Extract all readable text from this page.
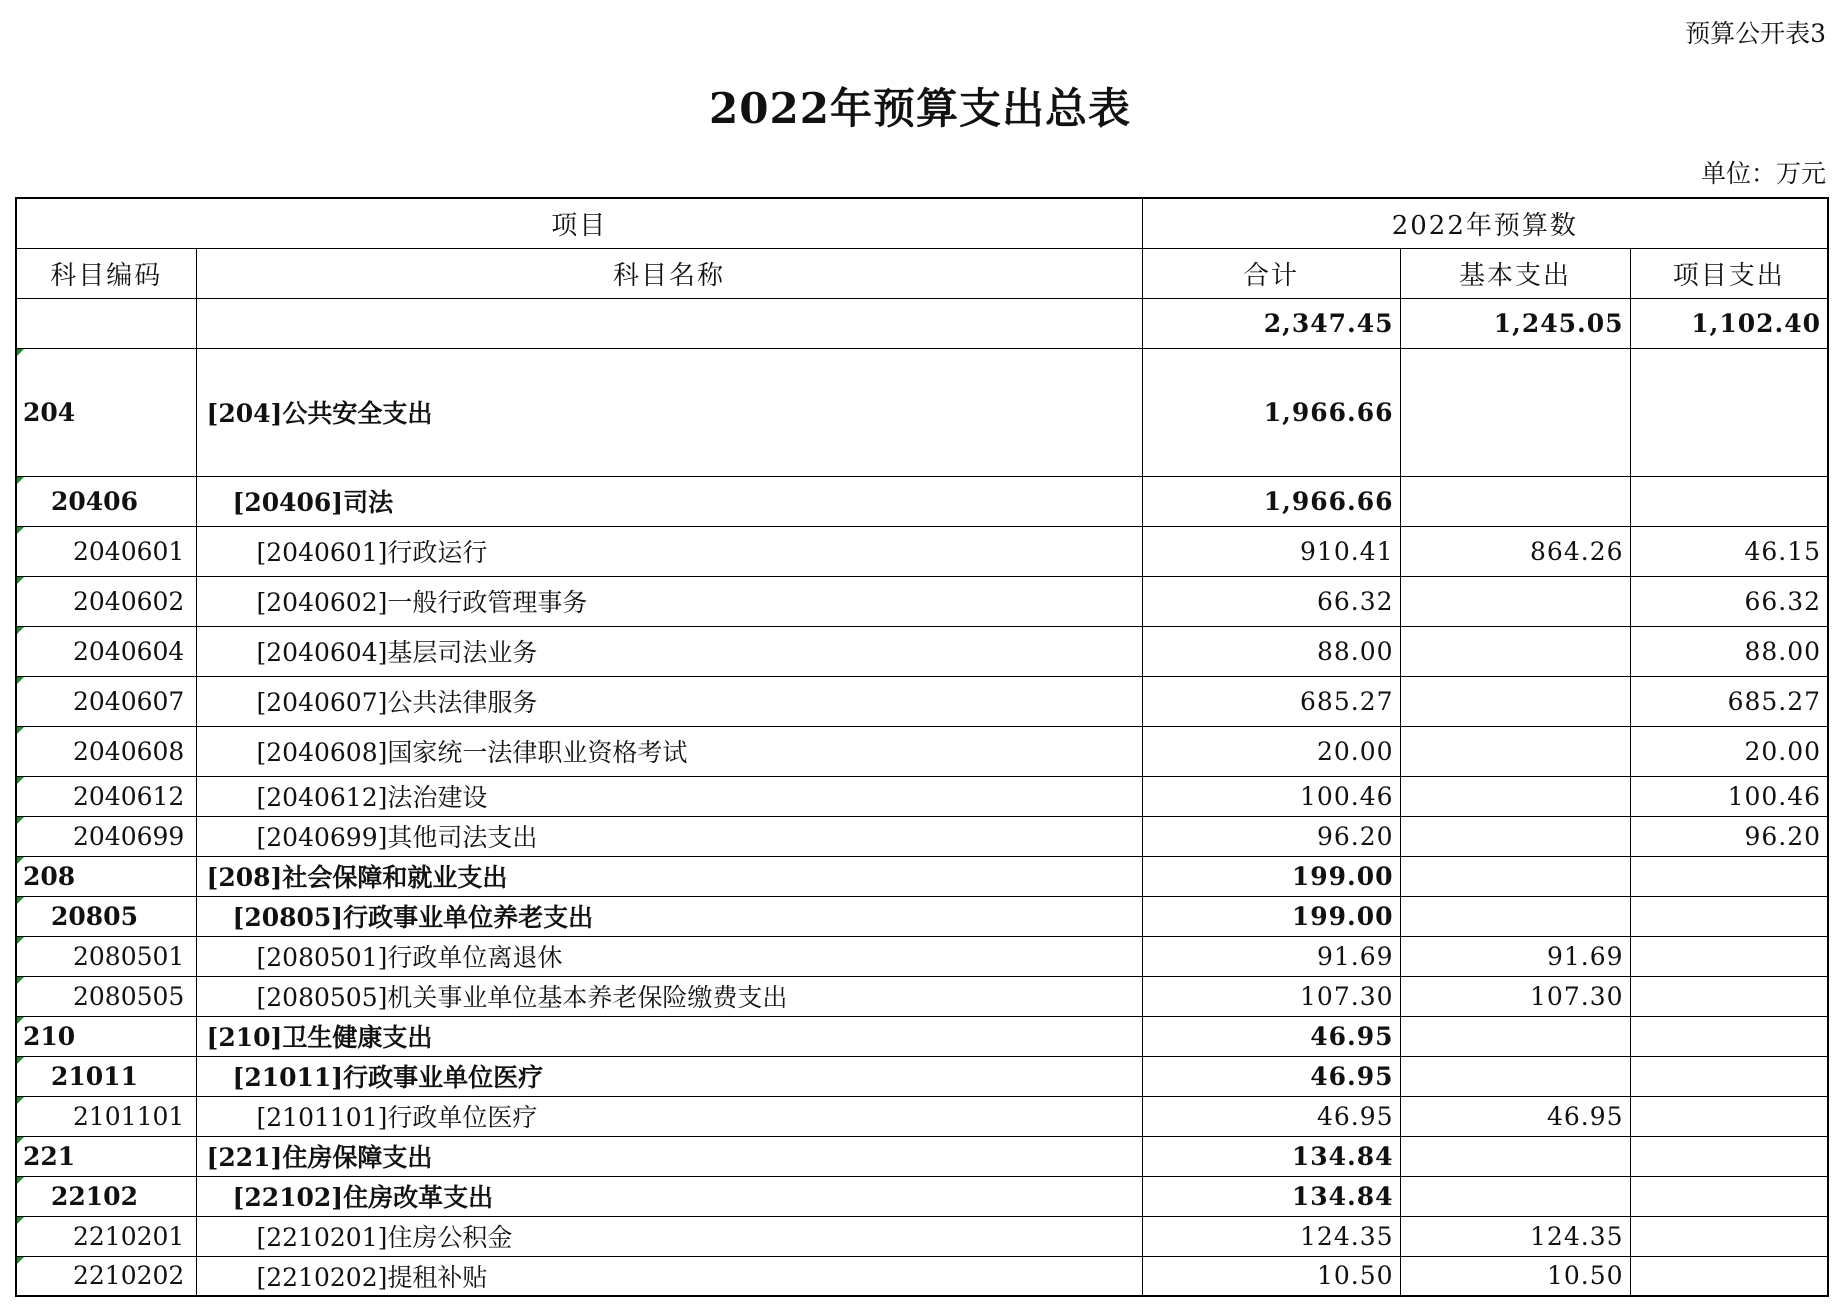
预算公开表3
2022年预算支出总表
单位：万元
项目		2022年预算数		
科目编码	科目名称	合计	基本支出	项目支出
		2,347.45	1,245.05	1,102.40
204	[204]公共安全支出	1,966.66		
20406	[20406]司法	1,966.66		
2040601	[2040601]行政运行	910.41	864.26	46.15
2040602	[2040602]一般行政管理事务	66.32		66.32
2040604	[2040604]基层司法业务	88.00		88.00
2040607	[2040607]公共法律服务	685.27		685.27
2040608	[2040608]国家统一法律职业资格考试	20.00		20.00
2040612	[2040612]法治建设	100.46		100.46
2040699	[2040699]其他司法支出	96.20		96.20
208	[208]社会保障和就业支出	199.00		
20805	[20805]行政事业单位养老支出	199.00		
2080501	[2080501]行政单位离退休	91.69	91.69	
2080505	[2080505]机关事业单位基本养老保险缴费支出	107.30	107.30	
210	[210]卫生健康支出	46.95		
21011	[21011]行政事业单位医疗	46.95		
2101101	[2101101]行政单位医疗	46.95	46.95	
221	[221]住房保障支出	134.84		
22102	[22102]住房改革支出	134.84		
2210201	[2210201]住房公积金	124.35	124.35	
2210202	[2210202]提租补贴	10.50	10.50	
